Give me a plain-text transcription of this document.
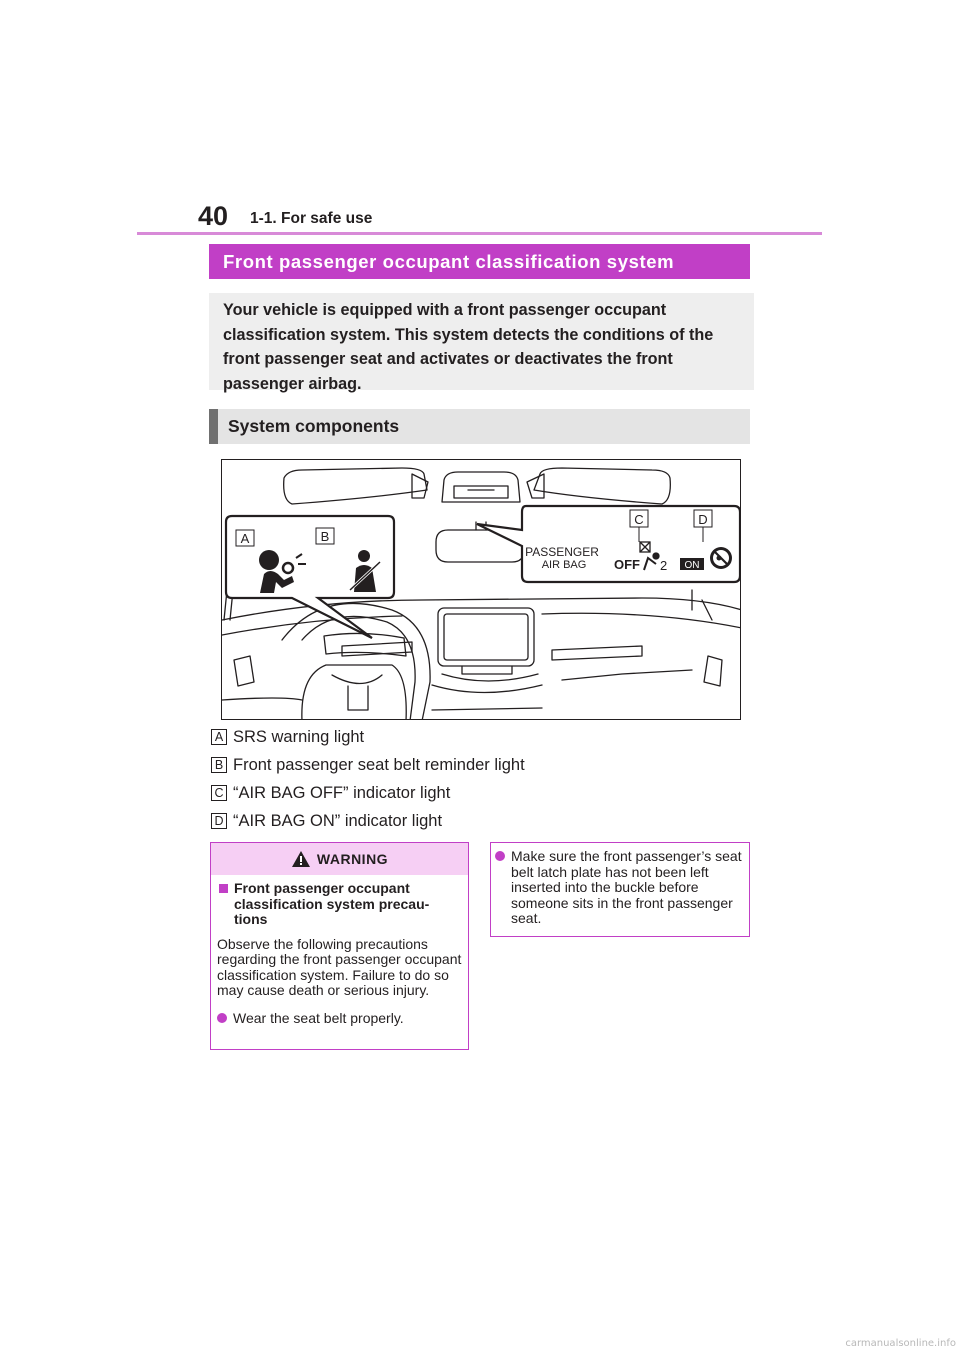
40 1-1. For safe use
Front passenger occupant classification system
Your vehicle is equipped with a front passenger occupant classification system. This system detects the conditions of the front passenger seat and activates or deactivates the front passenger airbag.
System components
A	B
C	D
PASSENGER
AIR BAG OFF 2 ON
A SRS warning light
B Front passenger seat belt reminder light
C “AIR BAG OFF” indicator light
D “AIR BAG ON” indicator light
WARNING
Front passenger occupant classification system precau-tions
Observe the following precautions regarding the front passenger occupant classification system. Failure to do so may cause death or serious injury.
Wear the seat belt properly.
Make sure the front passenger’s seat belt latch plate has not been left inserted into the buckle before someone sits in the front passenger seat.
carmanualsonline.info
